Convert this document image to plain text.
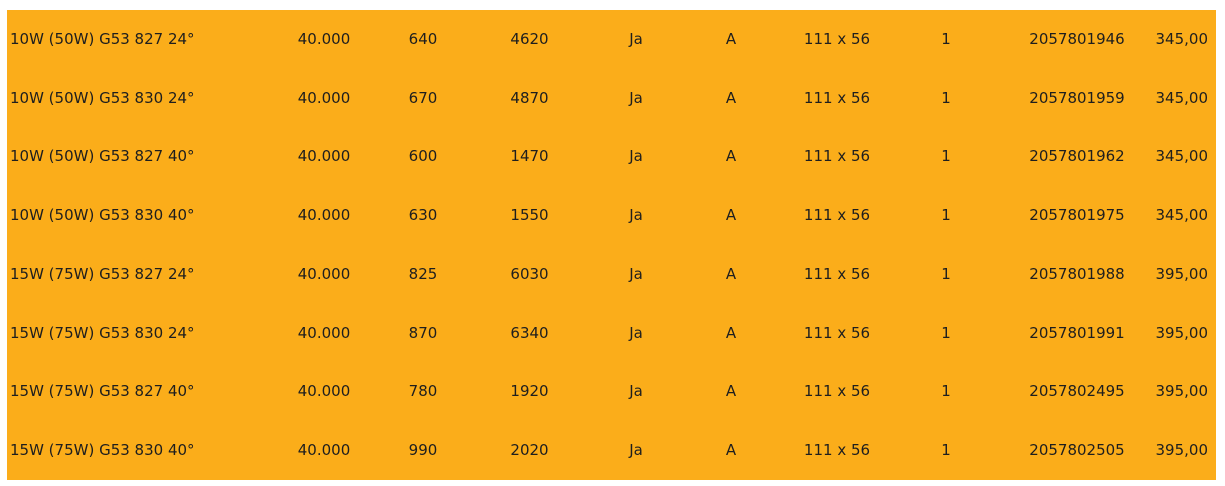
10W (50W) G53 827 24°	40.000	640	4620	Ja	A	111 x 56	1	2057801946	345,00
10W (50W) G53 830 24°	40.000	670	4870	Ja	A	111 x 56	1	2057801959	345,00
10W (50W) G53 827 40°	40.000	600	1470	Ja	A	111 x 56	1	2057801962	345,00
10W (50W) G53 830 40°	40.000	630	1550	Ja	A	111 x 56	1	2057801975	345,00
15W (75W) G53 827 24°	40.000	825	6030	Ja	A	111 x 56	1	2057801988	395,00
15W (75W) G53 830 24°	40.000	870	6340	Ja	A	111 x 56	1	2057801991	395,00
15W (75W) G53 827 40°	40.000	780	1920	Ja	A	111 x 56	1	2057802495	395,00
15W (75W) G53 830 40°	40.000	990	2020	Ja	A	111 x 56	1	2057802505	395,00
